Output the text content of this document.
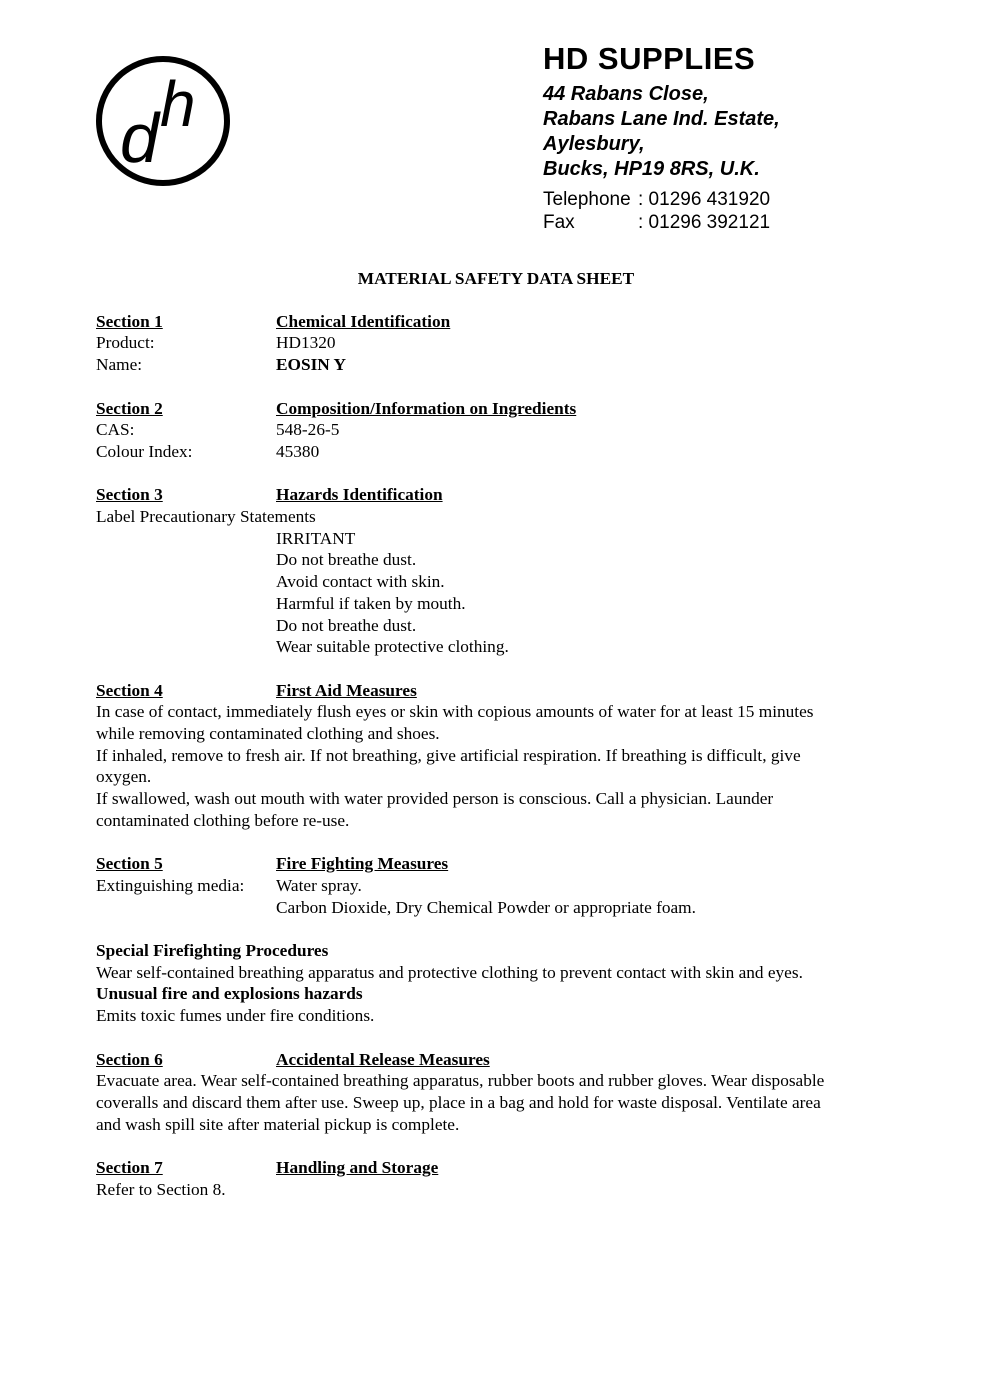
d h
HD SUPPLIES
44 Rabans Close,
Rabans Lane Ind. Estate,
Aylesbury,
Bucks, HP19 8RS, U.K.
Telephone : 01296 431920
Fax	: 01296 392121
MATERIAL SAFETY DATA SHEET
Section 1	Chemical Identification
Product:	HD1320
Name:	EOSIN Y
Section 2	Composition/Information on Ingredients
CAS:	548-26-5
Colour Index:	45380
Section 3	Hazards Identification
Label Precautionary Statements
IRRITANT
Do not breathe dust.
Avoid contact with skin.
Harmful if taken by mouth.
Do not breathe dust.
Wear suitable protective clothing.
Section 4	First Aid Measures
In case of contact, immediately flush eyes or skin with copious amounts of water for at least 15 minutes
while removing contaminated clothing and shoes.
If inhaled, remove to fresh air. If not breathing, give artificial respiration. If breathing is difficult, give
oxygen.
If swallowed, wash out mouth with water provided person is conscious. Call a physician. Launder
contaminated clothing before re-use.
Section 5	Fire Fighting Measures
Extinguishing media:	Water spray.
Carbon Dioxide, Dry Chemical Powder or appropriate foam.
Special Firefighting Procedures
Wear self-contained breathing apparatus and protective clothing to prevent contact with skin and eyes.
Unusual fire and explosions hazards
Emits toxic fumes under fire conditions.
Section 6	Accidental Release Measures
Evacuate area. Wear self-contained breathing apparatus, rubber boots and rubber gloves. Wear disposable
coveralls and discard them after use. Sweep up, place in a bag and hold for waste disposal. Ventilate area
and wash spill site after material pickup is complete.
Section 7	Handling and Storage
Refer to Section 8.
